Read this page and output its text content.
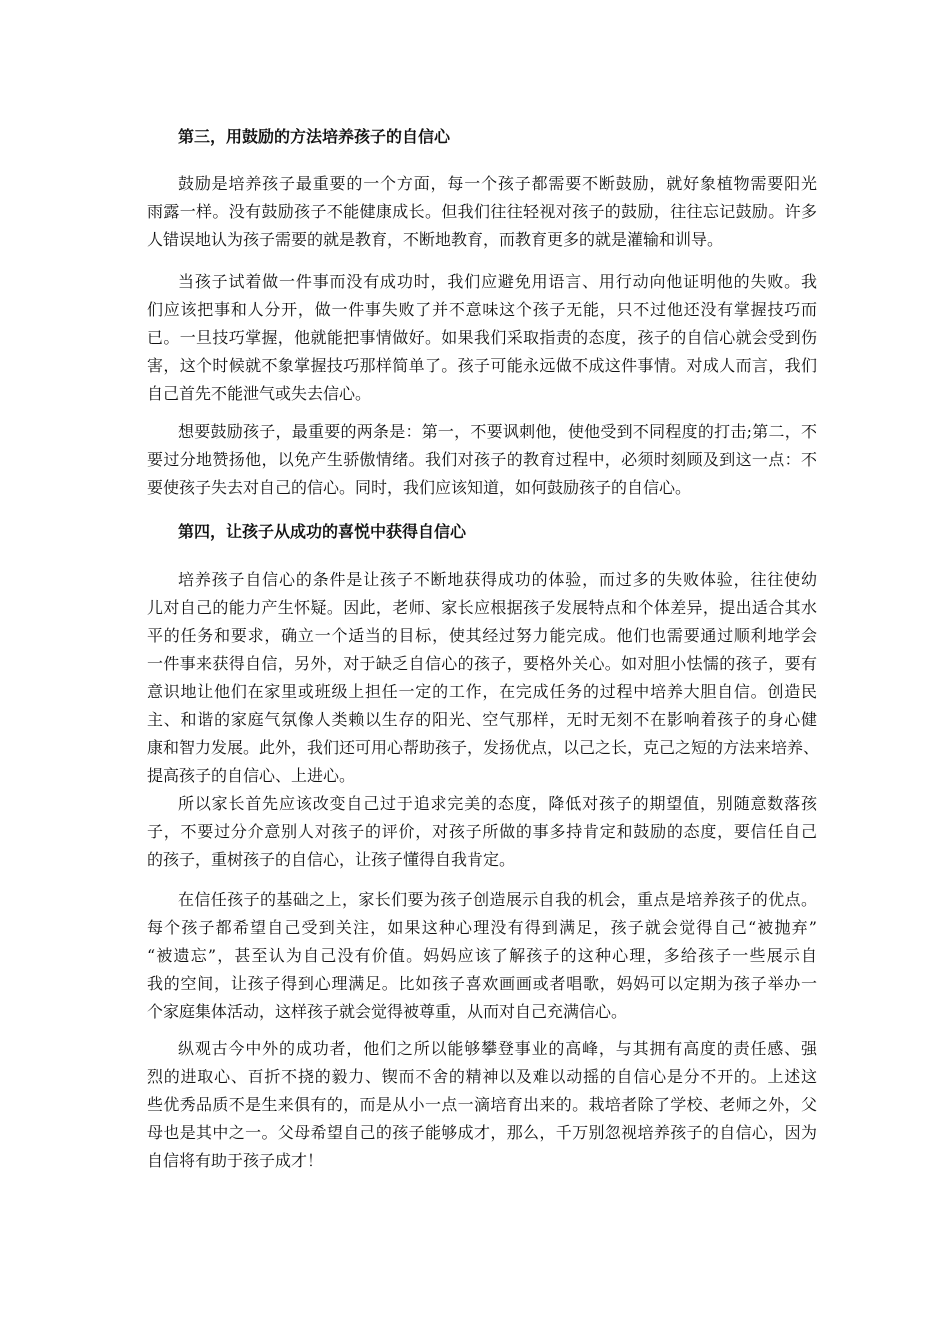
第三，用鼓励的方法培养孩子的自信心
鼓励是培养孩子最重要的一个方面，每一个孩子都需要不断鼓励，就好象植物需要阳光
雨露一样。没有鼓励孩子不能健康成长。但我们往往轻视对孩子的鼓励，往往忘记鼓励。许多
人错误地认为孩子需要的就是教育，不断地教育，而教育更多的就是灌输和训导。
当孩子试着做一件事而没有成功时，我们应避免用语言、用行动向他证明他的失败。我
们应该把事和人分开，做一件事失败了并不意味这个孩子无能，只不过他还没有掌握技巧而
已。一旦技巧掌握，他就能把事情做好。如果我们采取指责的态度，孩子的自信心就会受到伤
害，这个时候就不象掌握技巧那样简单了。孩子可能永远做不成这件事情。对成人而言，我们
自己首先不能泄气或失去信心。
想要鼓励孩子，最重要的两条是：第一，不要讽刺他，使他受到不同程度的打击;第二，不
要过分地赞扬他，以免产生骄傲情绪。我们对孩子的教育过程中，必须时刻顾及到这一点：不
要使孩子失去对自己的信心。同时，我们应该知道，如何鼓励孩子的自信心。
第四，让孩子从成功的喜悦中获得自信心
培养孩子自信心的条件是让孩子不断地获得成功的体验，而过多的失败体验，往往使幼
儿对自己的能力产生怀疑。因此，老师、家长应根据孩子发展特点和个体差异，提出适合其水
平的任务和要求，确立一个适当的目标，使其经过努力能完成。他们也需要通过顺利地学会
一件事来获得自信，另外，对于缺乏自信心的孩子，要格外关心。如对胆小怯懦的孩子，要有
意识地让他们在家里或班级上担任一定的工作，在完成任务的过程中培养大胆自信。创造民
主、和谐的家庭气氛像人类赖以生存的阳光、空气那样，无时无刻不在影响着孩子的身心健
康和智力发展。此外，我们还可用心帮助孩子，发扬优点，以己之长，克己之短的方法来培养、
提高孩子的自信心、上进心。
所以家长首先应该改变自己过于追求完美的态度，降低对孩子的期望值，别随意数落孩
子，不要过分介意别人对孩子的评价，对孩子所做的事多持肯定和鼓励的态度，要信任自己
的孩子，重树孩子的自信心，让孩子懂得自我肯定。
在信任孩子的基础之上，家长们要为孩子创造展示自我的机会，重点是培养孩子的优点。
每个孩子都希望自己受到关注，如果这种心理没有得到满足，孩子就会觉得自己“被抛弃”
“被遗忘”，甚至认为自己没有价值。妈妈应该了解孩子的这种心理，多给孩子一些展示自
我的空间，让孩子得到心理满足。比如孩子喜欢画画或者唱歌，妈妈可以定期为孩子举办一
个家庭集体活动，这样孩子就会觉得被尊重，从而对自己充满信心。
纵观古今中外的成功者，他们之所以能够攀登事业的高峰，与其拥有高度的责任感、强
烈的进取心、百折不挠的毅力、锲而不舍的精神以及难以动摇的自信心是分不开的。上述这
些优秀品质不是生来俱有的，而是从小一点一滴培育出来的。栽培者除了学校、老师之外，父
母也是其中之一。父母希望自己的孩子能够成才，那么，千万别忽视培养孩子的自信心，因为
自信将有助于孩子成才！
